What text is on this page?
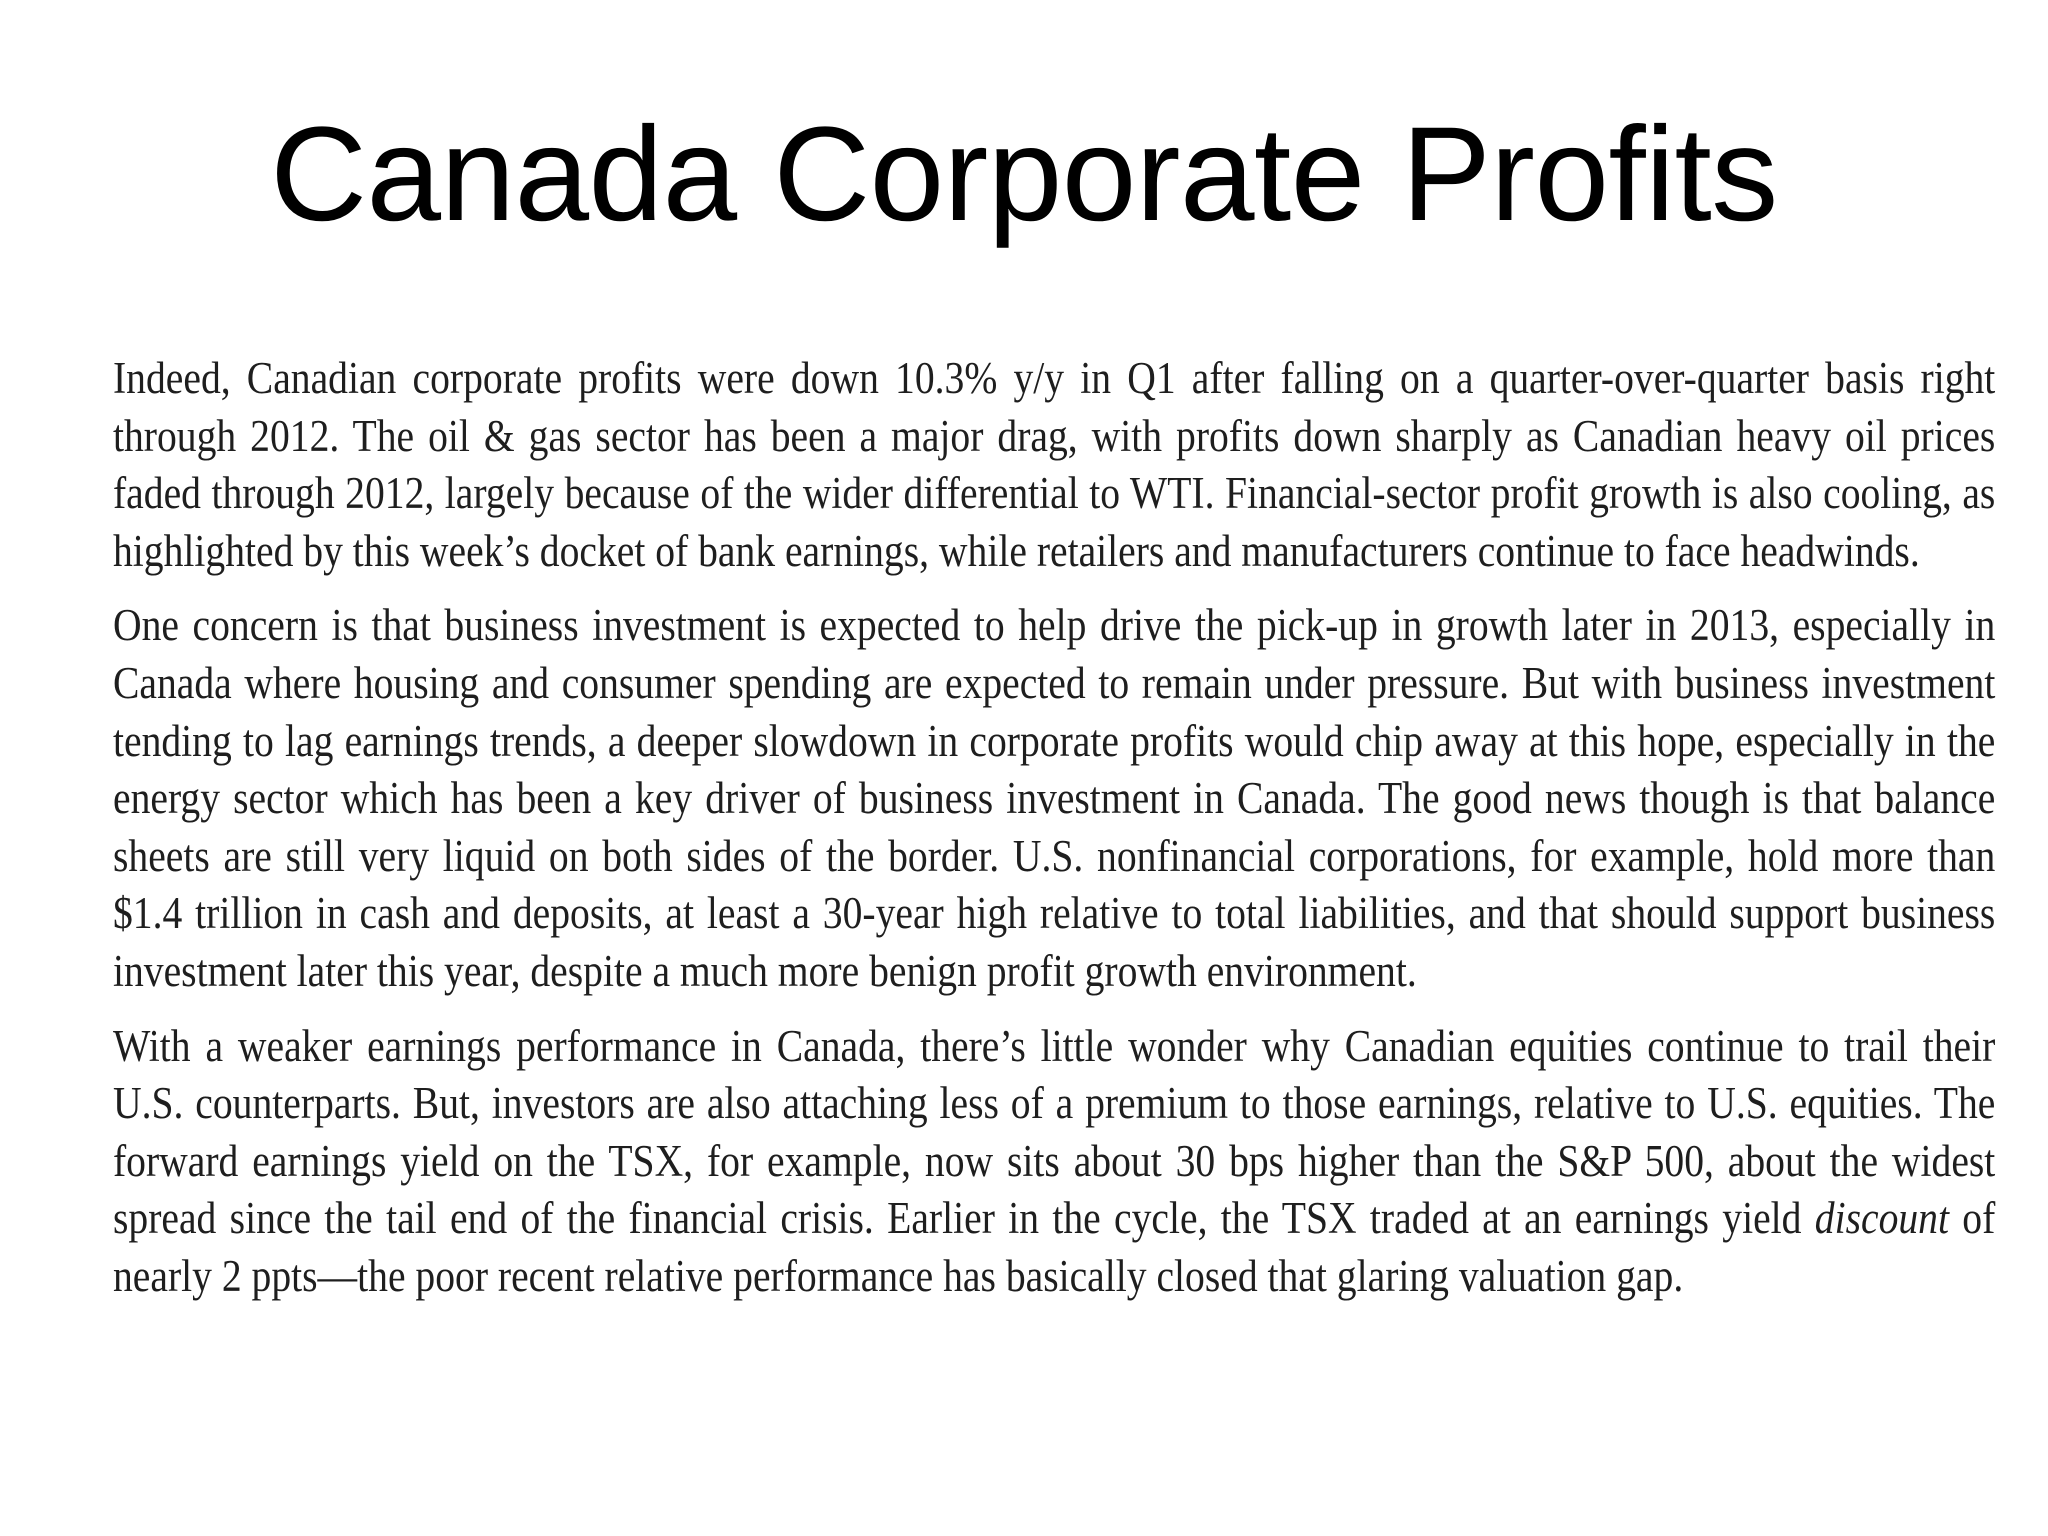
Canada Corporate Profits

Indeed, Canadian corporate profits were down 10.3% y/y in Q1 after falling on a quarter-over-quarter basis right through 2012. The oil & gas sector has been a major drag, with profits down sharply as Canadian heavy oil prices faded through 2012, largely because of the wider differential to WTI. Financial-sector profit growth is also cooling, as highlighted by this week’s docket of bank earnings, while retailers and manufacturers continue to face headwinds.

One concern is that business investment is expected to help drive the pick-up in growth later in 2013, especially in Canada where housing and consumer spending are expected to remain under pressure. But with business investment tending to lag earnings trends, a deeper slowdown in corporate profits would chip away at this hope, especially in the energy sector which has been a key driver of business investment in Canada. The good news though is that balance sheets are still very liquid on both sides of the border. U.S. nonfinancial corporations, for example, hold more than $1.4 trillion in cash and deposits, at least a 30-year high relative to total liabilities, and that should support business investment later this year, despite a much more benign profit growth environment.

With a weaker earnings performance in Canada, there’s little wonder why Canadian equities continue to trail their U.S. counterparts. But, investors are also attaching less of a premium to those earnings, relative to U.S. equities. The forward earnings yield on the TSX, for example, now sits about 30 bps higher than the S&P 500, about the widest spread since the tail end of the financial crisis. Earlier in the cycle, the TSX traded at an earnings yield discount of nearly 2 ppts—the poor recent relative performance has basically closed that glaring valuation gap.
